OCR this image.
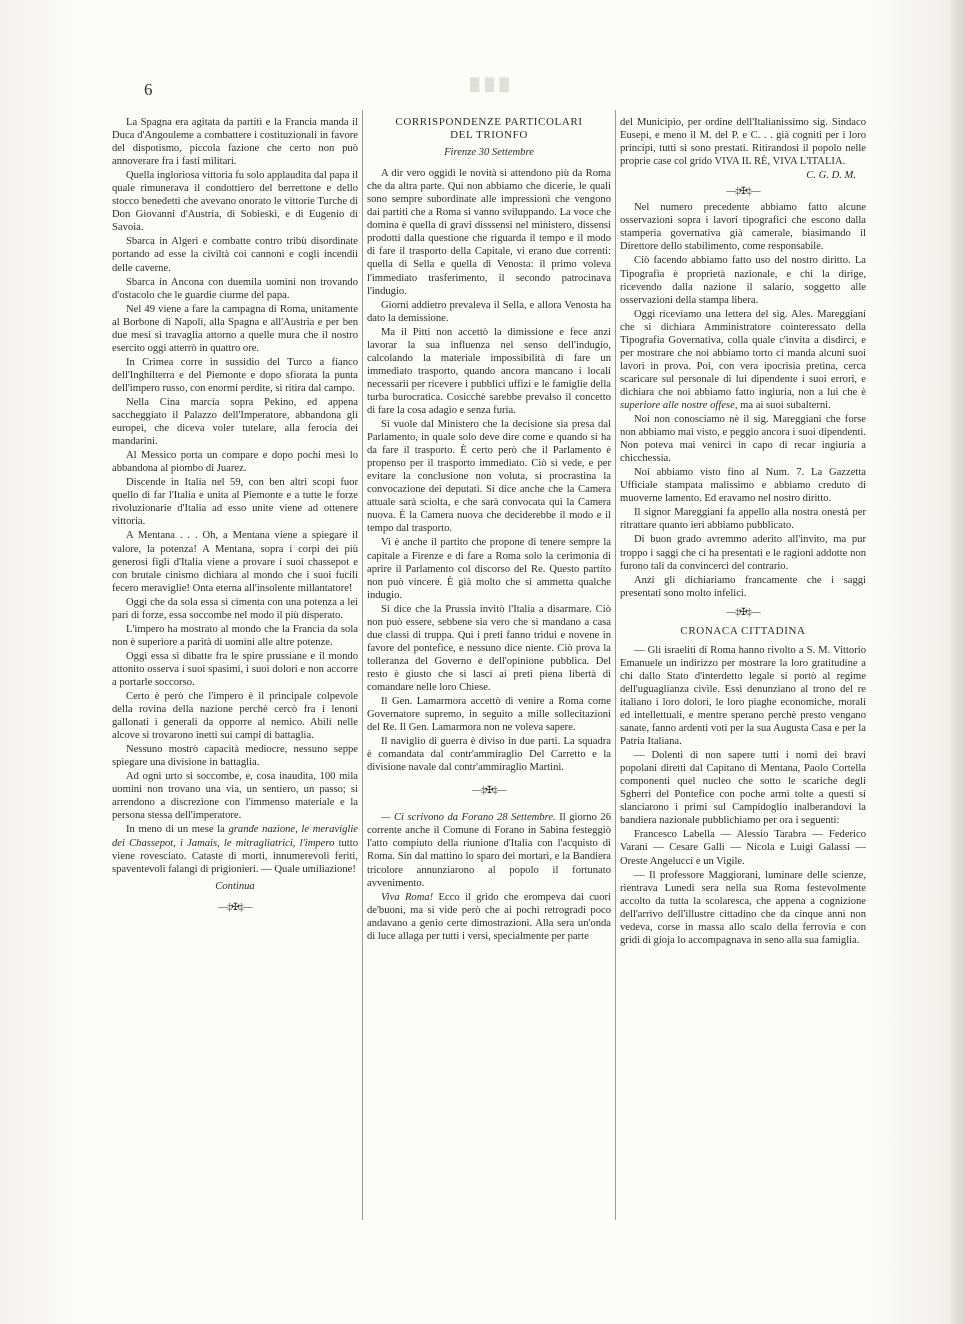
▓ ▓ ▓
6

La Spagna era agitata da partiti e la Francia manda il Duca d'Angouleme a combattere i costituzionali in favore del dispotismo, piccola fazione che certo non può annoverare fra i fasti militari.

Quella ingloriosa vittoria fu solo applaudita dal papa il quale rimunerava il condottiero del berrettone e dello stocco benedetti che avevano onorato le vittorie Turche di Don Giovanni d'Austria, di Sobieski, e di Eugenio di Savoia.

Sbarca in Algeri e combatte contro tribù disordinate portando ad esse la civiltà coi cannoni e cogli incendii delle caverne.

Sbarca in Ancona con duemila uomini non trovando d'ostacolo che le guardie ciurme del papa.

Nel 49 viene a fare la campagna di Roma, unitamente al Borbone di Napoli, alla Spagna e all'Austria e per ben due mesi si travaglia attorno a quelle mura che il nostro esercito oggi atterrò in quattro ore.

In Crimea corre in sussidio del Turco a fianco dell'Inghilterra e del Piemonte e dopo sfiorata la punta dell'impero russo, con enormi perdite, si ritira dal campo.

Nella Cina marcia sopra Pekino, ed appena saccheggiato il Palazzo dell'Imperatore, abbandona gli europei, che diceva voler tutelare, alla ferocia dei mandarini.

Al Messico porta un compare e dopo pochi mesi lo abbandona al piombo di Juarez.

Discende in Italia nel 59, con ben altri scopi fuor quello di far l'Italia e unita al Piemonte e a tutte le forze rivoluzionarie d'Italia ad esso unite viene ad ottenere vittoria.

A Mentana . . . Oh, a Mentana viene a spiegare il valore, la potenza! A Mentana, sopra i corpi dei più generosi figli d'Italia viene a provare i suoi chassepot e con brutale cinismo dichiara al mondo che i suoi fucili fecero meraviglie! Onta eterna all'insolente millantatore!

Oggi che da sola essa si cimenta con una potenza a lei pari di forze, essa soccombe nel modo il più disperato.

L'impero ha mostrato al mondo che la Francia da sola non è superiore a parità di uomini alle altre potenze.

Oggi essa si dibatte fra le spire prussiane e il mondo attonito osserva i suoi spasimi, i suoi dolori e non accorre a portarle soccorso.

Certo è però che l'impero è il principale colpevole della rovina della nazione perchè cercò fra i lenoni gallonati i generali da opporre al nemico. Abili nelle alcove si trovarono inetti sui campi di battaglia.

Nessuno mostrò capacità mediocre, nessuno seppe spiegare una divisione in battaglia.

Ad ogni urto si soccombe, e, cosa inaudita, 100 mila uomini non trovano una via, un sentiero, un passo; si arrendono a discrezione con l'immenso materiale e la persona stessa dell'imperatore.

In meno di un mese la grande nazione, le meraviglie dei Chassepot, i Jamais, le mitragliatrici, l'impero tutto viene rovesciato. Cataste di morti, innumerevoli feriti, spaventevoli falangi di prigionieri. — Quale umiliazione!

Continua
—‡✠‡—
CORRISPONDENZE PARTICOLARI
DEL TRIONFO
Firenze 30 Settembre

A dir vero oggidì le novità si attendono più da Roma che da altra parte. Qui non abbiamo che dicerie, le quali sono sempre subordinate alle impressioni che vengono dai partiti che a Roma si vanno sviluppando. La voce che domina è quella di gravi disssensi nel ministero, dissensi prodotti dalla questione che riguarda il tempo e il modo di fare il trasporto della Capitale, vi erano due correnti: quella di Sella e quella di Venosta: il primo voleva l'immediato trasferimento, il secondo patrocinava l'indugio.

Giorni addietro prevaleva il Sella, e allora Venosta ha dato la demissione.

Ma il Pitti non accettò la dimissione e fece anzi lavorar la sua influenza nel senso dell'indugio, calcolando la materiale impossibilità di fare un immediato trasporto, quando ancora mancano i locali necessarii per ricevere i pubblici uffizi e le famiglie della turba burocratica. Cosicchè sarebbe prevalso il concetto di fare la cosa adagio e senza furia.

Si vuole dal Ministero che la decisione sia presa dal Parlamento, in quale solo deve dire come e quando si ha da fare il trasporto. È certo però che il Parlamento è propenso per il trasporto immediato. Ciò si vede, e per evitare la conclusione non voluta, si procrastina la convocazione dei deputati. Si dice anche che la Camera attuale sarà sciolta, e che sarà convocata qui la Camera nuova. È la Camera nuova che deciderebbe il modo e il tempo dal trasporto.

Vi è anche il partito che propone di tenere sempre la capitale a Firenze e di fare a Roma solo la cerimonia di aprire il Parlamento col discorso del Re. Questo partito non può vincere. È già molto che si ammetta qualche indugio.

Si dice che la Prussia invitò l'Italia a disarmare. Ciò non può essere, sebbene sia vero che si mandano a casa due classi di truppa. Qui i preti fanno tridui e novene in favore del pontefice, e nessuno dice niente. Ciò prova la tolleranza del Governo e dell'opinione pubblica. Del resto è giusto che si lasci ai preti piena libertà di comandare nelle loro Chiese.

Il Gen. Lamarmora accettò di venire a Roma come Governatore supremo, in seguito a mille sollecitazioni del Re. Il Gen. Lamarmora non ne voleva sapere.

Il naviglio di guerra è diviso in due parti. La squadra è comandata dal contr'ammiraglio Del Carretto e la divisione navale dal contr'ammiraglio Martini.

—‡✠‡—

— Ci scrivono da Forano 28 Settembre. Il giorno 26 corrente anche il Comune di Forano in Sabina festeggiò l'atto compiuto della riunione d'Italia con l'acquisto di Roma. Sin dal mattino lo sparo dei mortari, e la Bandiera tricolore annunziarono al popolo il fortunato avvenimento.

Viva Roma! Ecco il grido che erompeva dai cuori de'buoni, ma si vide però che ai pochi retrogradi poco andavano a genio certe dimostrazioni. Alla sera un'onda di luce allaga per tutti i versi, specialmente per parte

del Municipio, per ordine dell'Italianissimo sig. Sindaco Eusepi, e meno il M. del P. e C. . . già cogniti per i loro principi, tutti si sono prestati. Ritirandosi il popolo nelle proprie case col grido VIVA IL RÈ, VIVA L'ITALIA.

C. G. D. M.
—‡✠‡—

Nel numero precedente abbiamo fatto alcune osservazioni sopra i lavori tipografici che escono dalla stamperia governativa già camerale, biasimando il Direttore dello stabilimento, come responsabile.

Ciò facendo abbiamo fatto uso del nostro diritto. La Tipografia è proprietà nazionale, e chi la dirige, ricevendo dalla nazione il salario, soggetto alle osservazioni della stampa libera.

Oggi riceviamo una lettera del sig. Ales. Mareggiani che si dichiara Amministratore cointeressato della Tipografia Governativa, colla quale c'invita a disdirci, e per mostrare che noi abbiamo torto ci manda alcuni suoi lavori in prova. Poi, con vera ipocrisia pretina, cerca scaricare sul personale di lui dipendente i suoi errori, e dichiara che noi abbiamo fatto ingiuria, non a lui che è superiore alle nostre offese, ma ai suoi subalterni.

Noi non conosciamo nè il sig. Mareggiani che forse non abbiamo mai visto, e peggio ancora i suoi dipendenti. Non poteva mai venirci in capo di recar ingiuria a chicchessia.

Noi abbiamo visto fino al Num. 7. La Gazzetta Ufficiale stampata malissimo e abbiamo creduto di muoverne lamento. Ed eravamo nel nostro diritto.

Il signor Mareggiani fa appello alla nostra onestà per ritrattare quanto ieri abbiamo pubblicato.

Di buon grado avremmo aderito all'invito, ma pur troppo i saggi che ci ha presentati e le ragioni addotte non furono tali da convincerci del contrario.

Anzi gli dichiariamo francamente che i saggi presentati sono molto infelici.

—‡✠‡—
CRONACA CITTADINA

— Gli israeliti di Roma hanno rivolto a S. M. Vittorio Emanuele un indirizzo per mostrare la loro gratitudine a chi dallo Stato d'interdetto legale si portò al regime dell'uguaglianza civile. Essi denunziano al trono del re italiano i loro dolori, le loro piaghe economiche, morali ed intellettuali, e mentre sperano perchè presto vengano sanate, fanno ardenti voti per la sua Augusta Casa e per la Patria Italiana.

— Dolenti di non sapere tutti i nomi dei bravi popolani diretti dal Capitano di Mentana, Paolo Cortella componenti quel nucleo che sotto le scariche degli Sgherri del Pontefice con poche armi tolte a questi si slanciarono i primi sul Campidoglio inalberandovi la bandiera nazionale pubblichiamo per ora i seguenti:

Francesco Labella — Alessio Tarabra — Federico Varani — Cesare Galli — Nicola e Luigi Galassi — Oreste Angelucci e un Vigile.

— Il professore Maggiorani, luminare delle scienze, rientrava Lunedì sera nella sua Roma festevolmente accolto da tutta la scolaresca, che appena a cognizione dell'arrivo dell'illustre cittadino che da cinque anni non vedeva, corse in massa allo scalo della ferrovia e con gridi di gioja lo accompagnava in seno alla sua famiglia.
